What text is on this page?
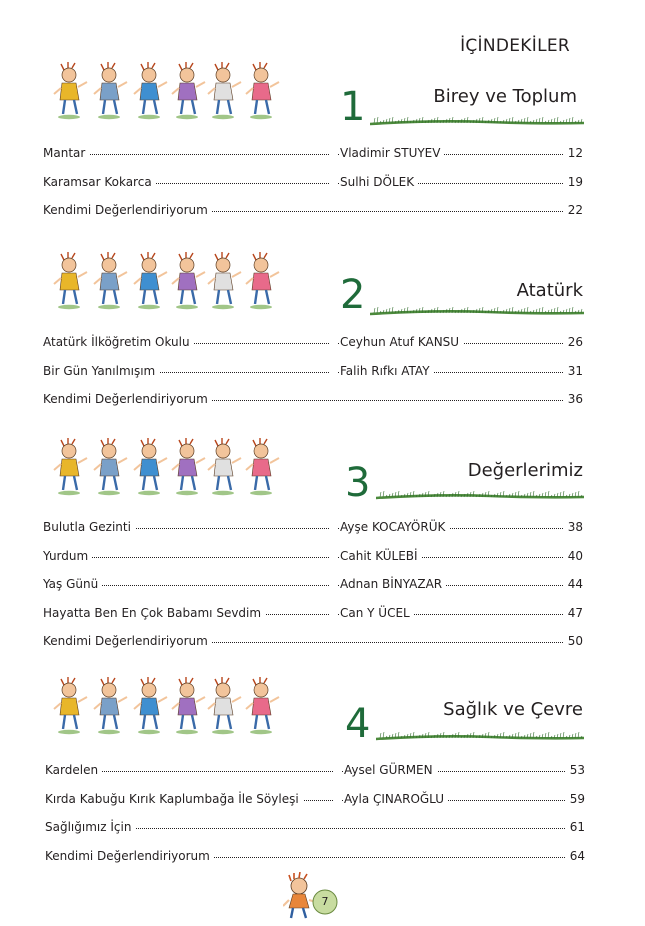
İÇİNDEKİLER
1	Birey ve Toplum
Mantar	Vladimir STUYEV	12
Karamsar Kokarca	Sulhi DÖLEK	19
Kendimi Değerlendiriyorum	22
2	Atatürk
Atatürk İlköğretim Okulu	Ceyhun Atuf KANSU	26
Bir Gün Yanılmışım	Falih Rıfkı ATAY	31
Kendimi Değerlendiriyorum	36
3	Değerlerimiz
Bulutla Gezinti	Ayşe KOCAYÖRÜK	38
Yurdum	Cahit KÜLEBİ	40
Yaş Günü	Adnan BİNYAZAR	44
Hayatta Ben En Çok Babamı Sevdim	Can Y ÜCEL	47
Kendimi Değerlendiriyorum	50
4	Sağlık ve Çevre
Kardelen	Aysel GÜRMEN	53
Kırda Kabuğu Kırık Kaplumbağa İle Söyleşi	Ayla ÇINAROĞLU	59
Sağlığımız İçin	61
Kendimi Değerlendiriyorum	64
7
